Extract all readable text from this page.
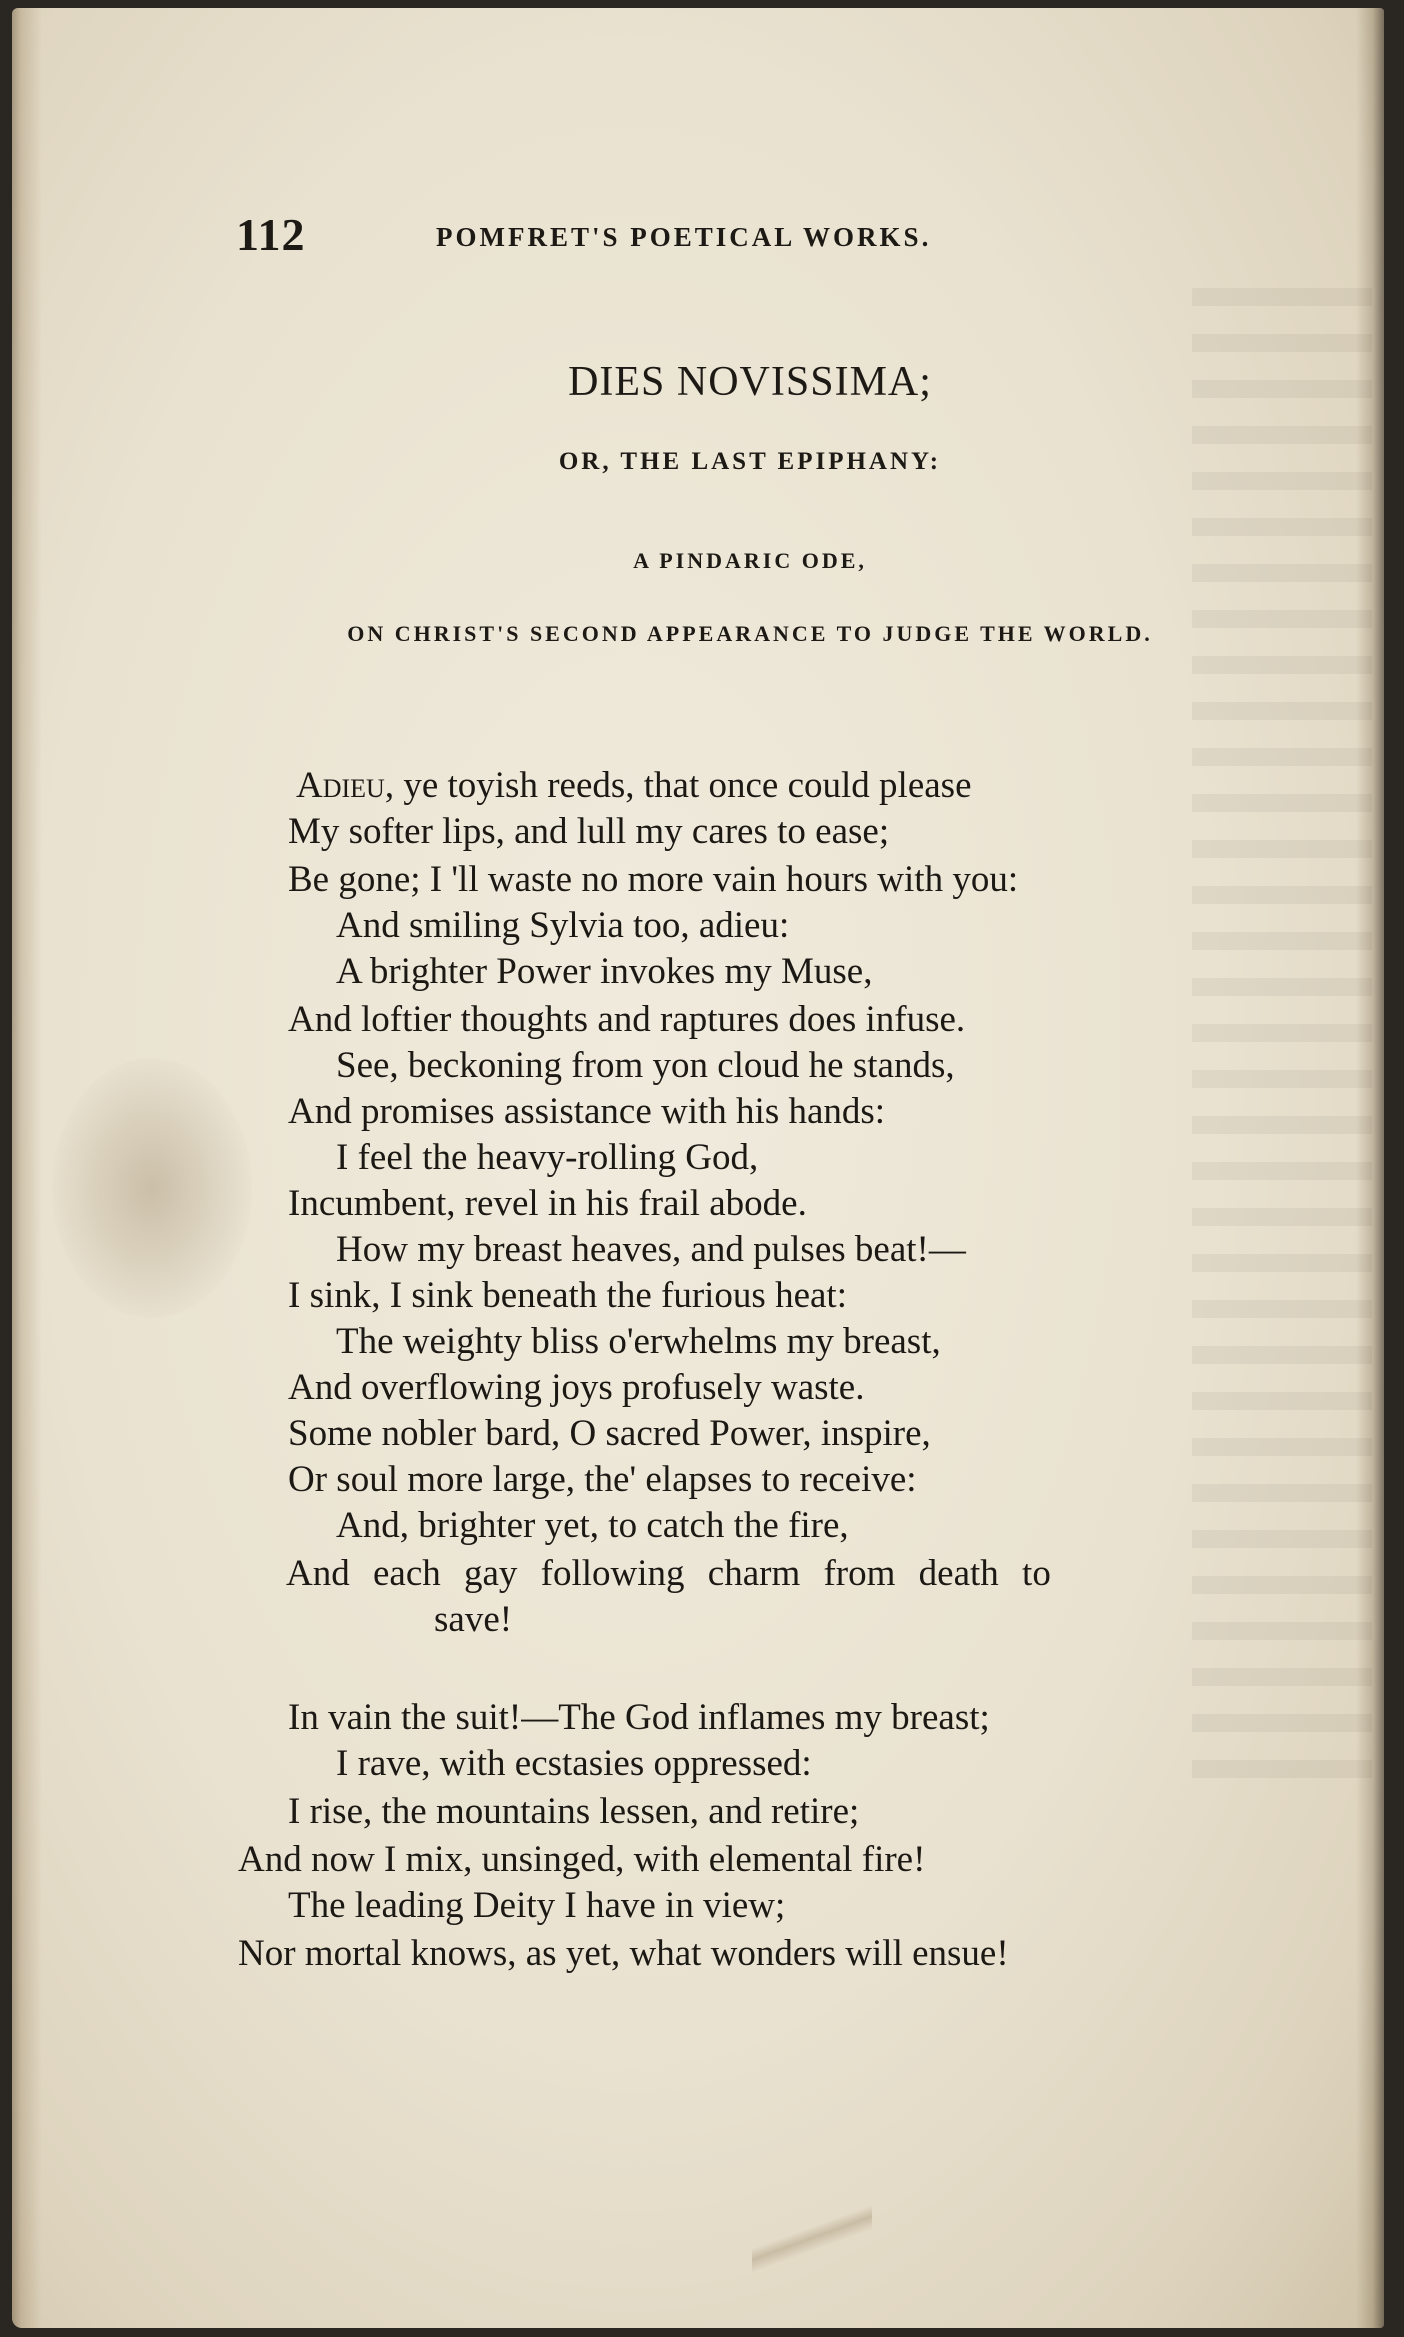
112	POMFRET'S POETICAL WORKS.
DIES NOVISSIMA;
OR, THE LAST EPIPHANY:
A PINDARIC ODE,
ON CHRIST'S SECOND APPEARANCE TO JUDGE THE WORLD.
Adieu, ye toyish reeds, that once could please
My softer lips, and lull my cares to ease;
Be gone; I 'll waste no more vain hours with you:
And smiling Sylvia too, adieu:
A brighter Power invokes my Muse,
And loftier thoughts and raptures does infuse.
See, beckoning from yon cloud he stands,
And promises assistance with his hands:
I feel the heavy-rolling God,
Incumbent, revel in his frail abode.
How my breast heaves, and pulses beat!—
I sink, I sink beneath the furious heat:
The weighty bliss o'erwhelms my breast,
And overflowing joys profusely waste.
Some nobler bard, O sacred Power, inspire,
Or soul more large, the' elapses to receive:
And, brighter yet, to catch the fire,
And each gay following charm from death to
save!
In vain the suit!—The God inflames my breast;
I rave, with ecstasies oppressed:
I rise, the mountains lessen, and retire;
And now I mix, unsinged, with elemental fire!
The leading Deity I have in view;
Nor mortal knows, as yet, what wonders will ensue!
